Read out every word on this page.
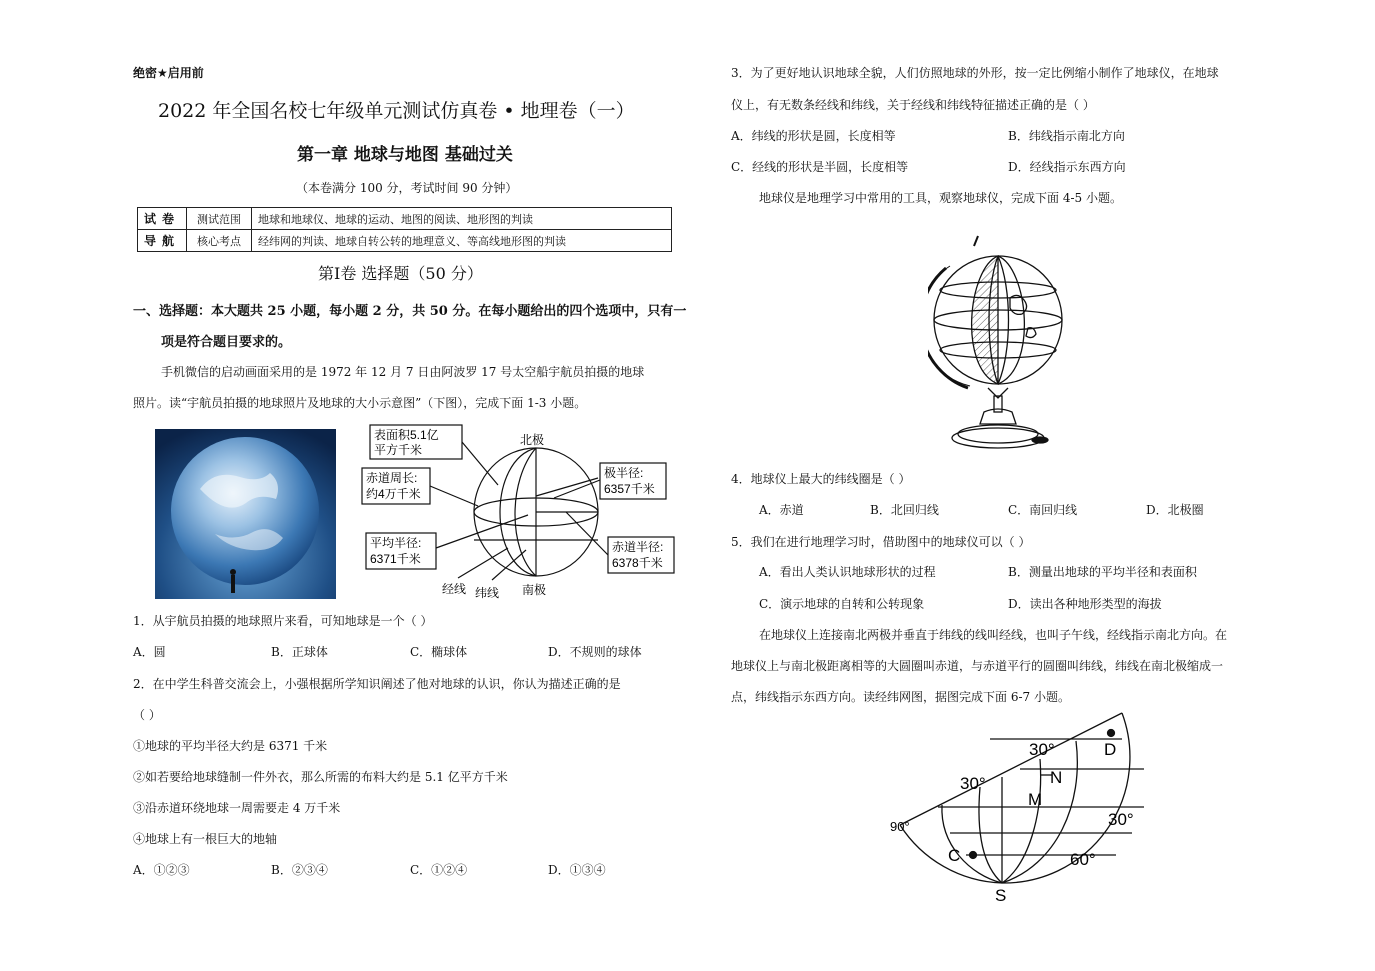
绝密★启用前
2022 年全国名校七年级单元测试仿真卷 • 地理卷（一）
第一章 地球与地图 基础过关
（本卷满分 100 分，考试时间 90 分钟）
试卷	测试范围	地球和地球仪、地球的运动、地图的阅读、地形图的判读
导航	核心考点	经纬网的判读、地球自转公转的地理意义、等高线地形图的判读
第Ⅰ卷 选择题（50 分）
一、选择题：本大题共 25 小题，每小题 2 分，共 50 分。在每小题给出的四个选项中，只有一
项是符合题目要求的。
手机微信的启动画面采用的是 1972 年 12 月 7 日由阿波罗 17 号太空船宇航员拍摄的地球
照片。读“宇航员拍摄的地球照片及地球的大小示意图”（下图），完成下面 1-3 小题。
表面积5.1亿
平方千米
赤道周长:
约4万千米
平均半径:
6371千米
北极
南极
极半径:
6357千米
赤道半径:
6378千米
经线 纬线
1．从宇航员拍摄的地球照片来看，可知地球是一个（ ）
A．圆	B．正球体	C．椭球体	D．不规则的球体
2．在中学生科普交流会上，小强根据所学知识阐述了他对地球的认识，你认为描述正确的是
（ ）
①地球的平均半径大约是 6371 千米
②如若要给地球缝制一件外衣，那么所需的布料大约是 5.1 亿平方千米
③沿赤道环绕地球一周需要走 4 万千米
④地球上有一根巨大的地轴
A．①②③	B．②③④	C．①②④	D．①③④
3．为了更好地认识地球全貌，人们仿照地球的外形，按一定比例缩小制作了地球仪，在地球
仪上，有无数条经线和纬线，关于经线和纬线特征描述正确的是（ ）
A．纬线的形状是圆，长度相等	B．纬线指示南北方向
C．经线的形状是半圆，长度相等	D．经线指示东西方向
地球仪是地理学习中常用的工具，观察地球仪，完成下面 4-5 小题。
4．地球仪上最大的纬线圈是（ ）
A．赤道	B．北回归线	C．南回归线	D．北极圈
5．我们在进行地理学习时，借助图中的地球仪可以（ ）
A．看出人类认识地球形状的过程	B．测量出地球的平均半径和表面积
C．演示地球的自转和公转现象	D．读出各种地形类型的海拔
在地球仪上连接南北两极并垂直于纬线的线叫经线，也叫子午线，经线指示南北方向。在
地球仪上与南北极距离相等的大圆圈叫赤道，与赤道平行的圆圈叫纬线，纬线在南北极缩成一
点，纬线指示东西方向。读经纬网图，据图完成下面 6-7 小题。
30°
30°
30°
60°
90°
D
N
M
C
S
